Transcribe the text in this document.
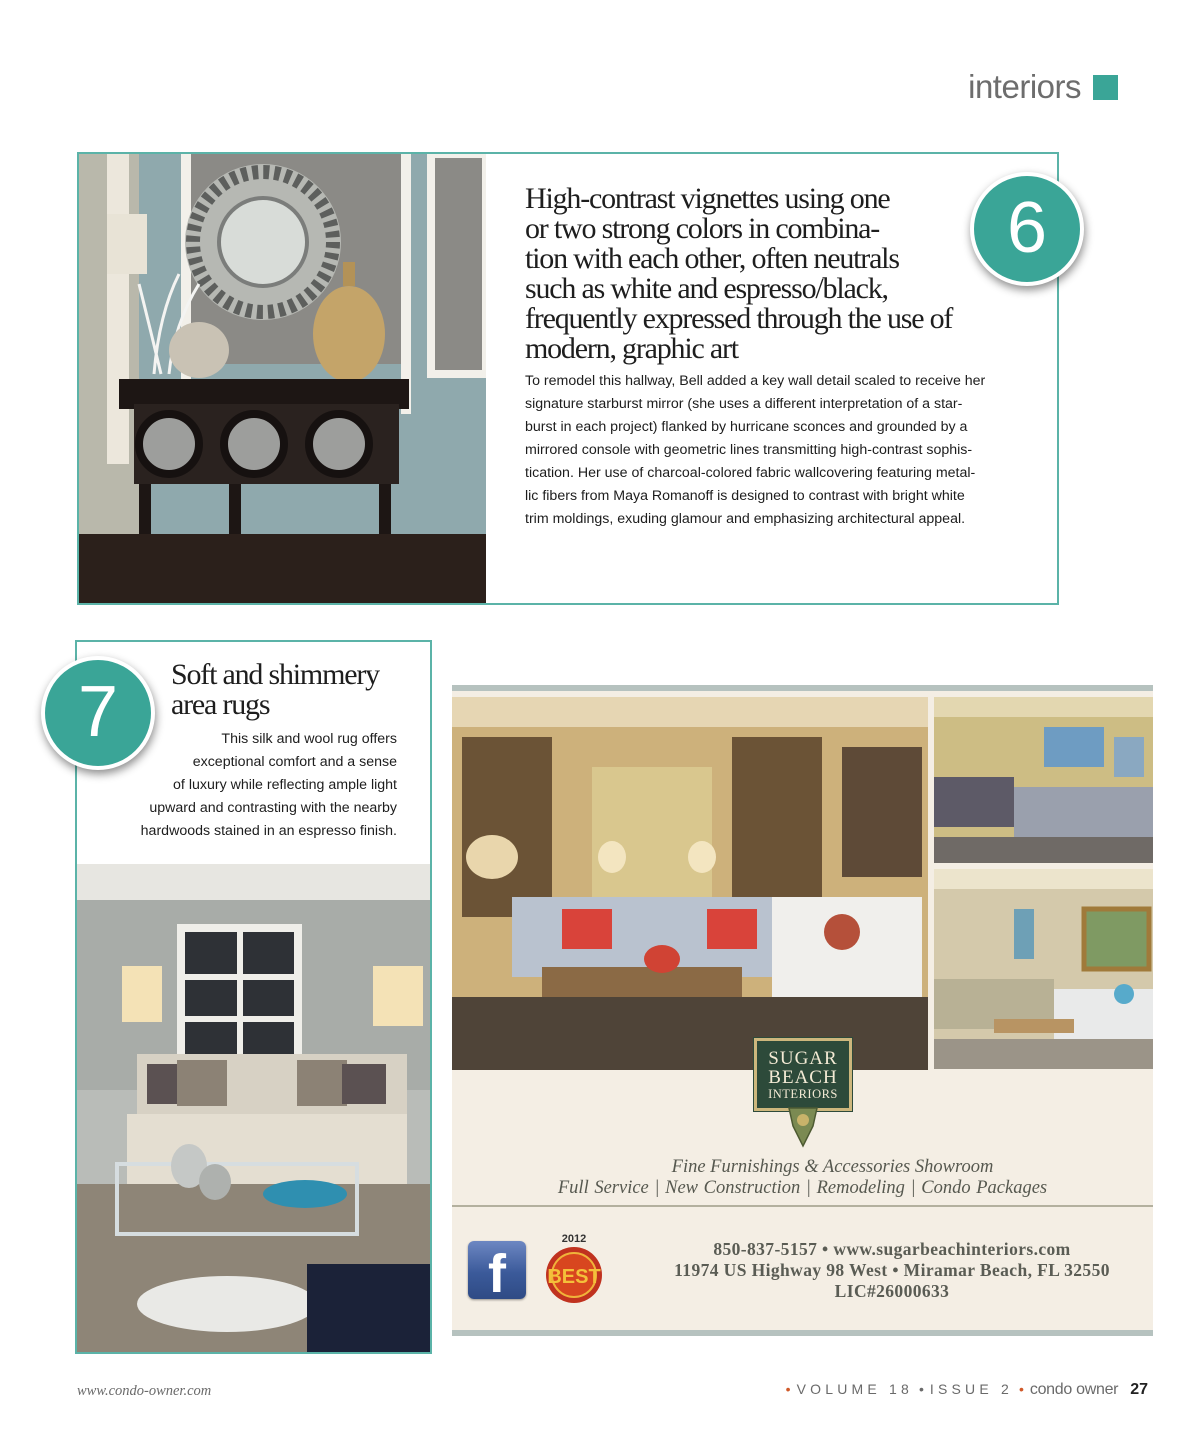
interiors
High-contrast vignettes using one
or two strong colors in combina-
tion with each other, often neutrals
such as white and espresso/black,
frequently expressed through the use of
modern, graphic art
To remodel this hallway, Bell added a key wall detail scaled to receive her
signature starburst mirror (she uses a different interpretation of a star-
burst in each project) flanked by hurricane sconces and grounded by a
mirrored console with geometric lines transmitting high-contrast sophis-
tication. Her use of charcoal-colored fabric wallcovering featuring metal-
lic fibers from Maya Romanoff is designed to contrast with bright white
trim moldings, exuding glamour and emphasizing architectural appeal.
6
Soft and shimmery
area rugs
This silk and wool rug offers
exceptional comfort and a sense
of luxury while reflecting ample light
upward and contrasting with the nearby
hardwoods stained in an espresso finish.
7
SUGAR
BEACH
INTERIORS
Fine Furnishings & Accessories Showroom
Full Service | New Construction | Remodeling | Condo Packages
f
2012
BEST
850-837-5157 • www.sugarbeachinteriors.com
11974 US Highway 98 West • Miramar Beach, FL 32550
LIC#26000633
www.condo-owner.com	• VOLUME 18 • ISSUE 2 • condo owner 27
